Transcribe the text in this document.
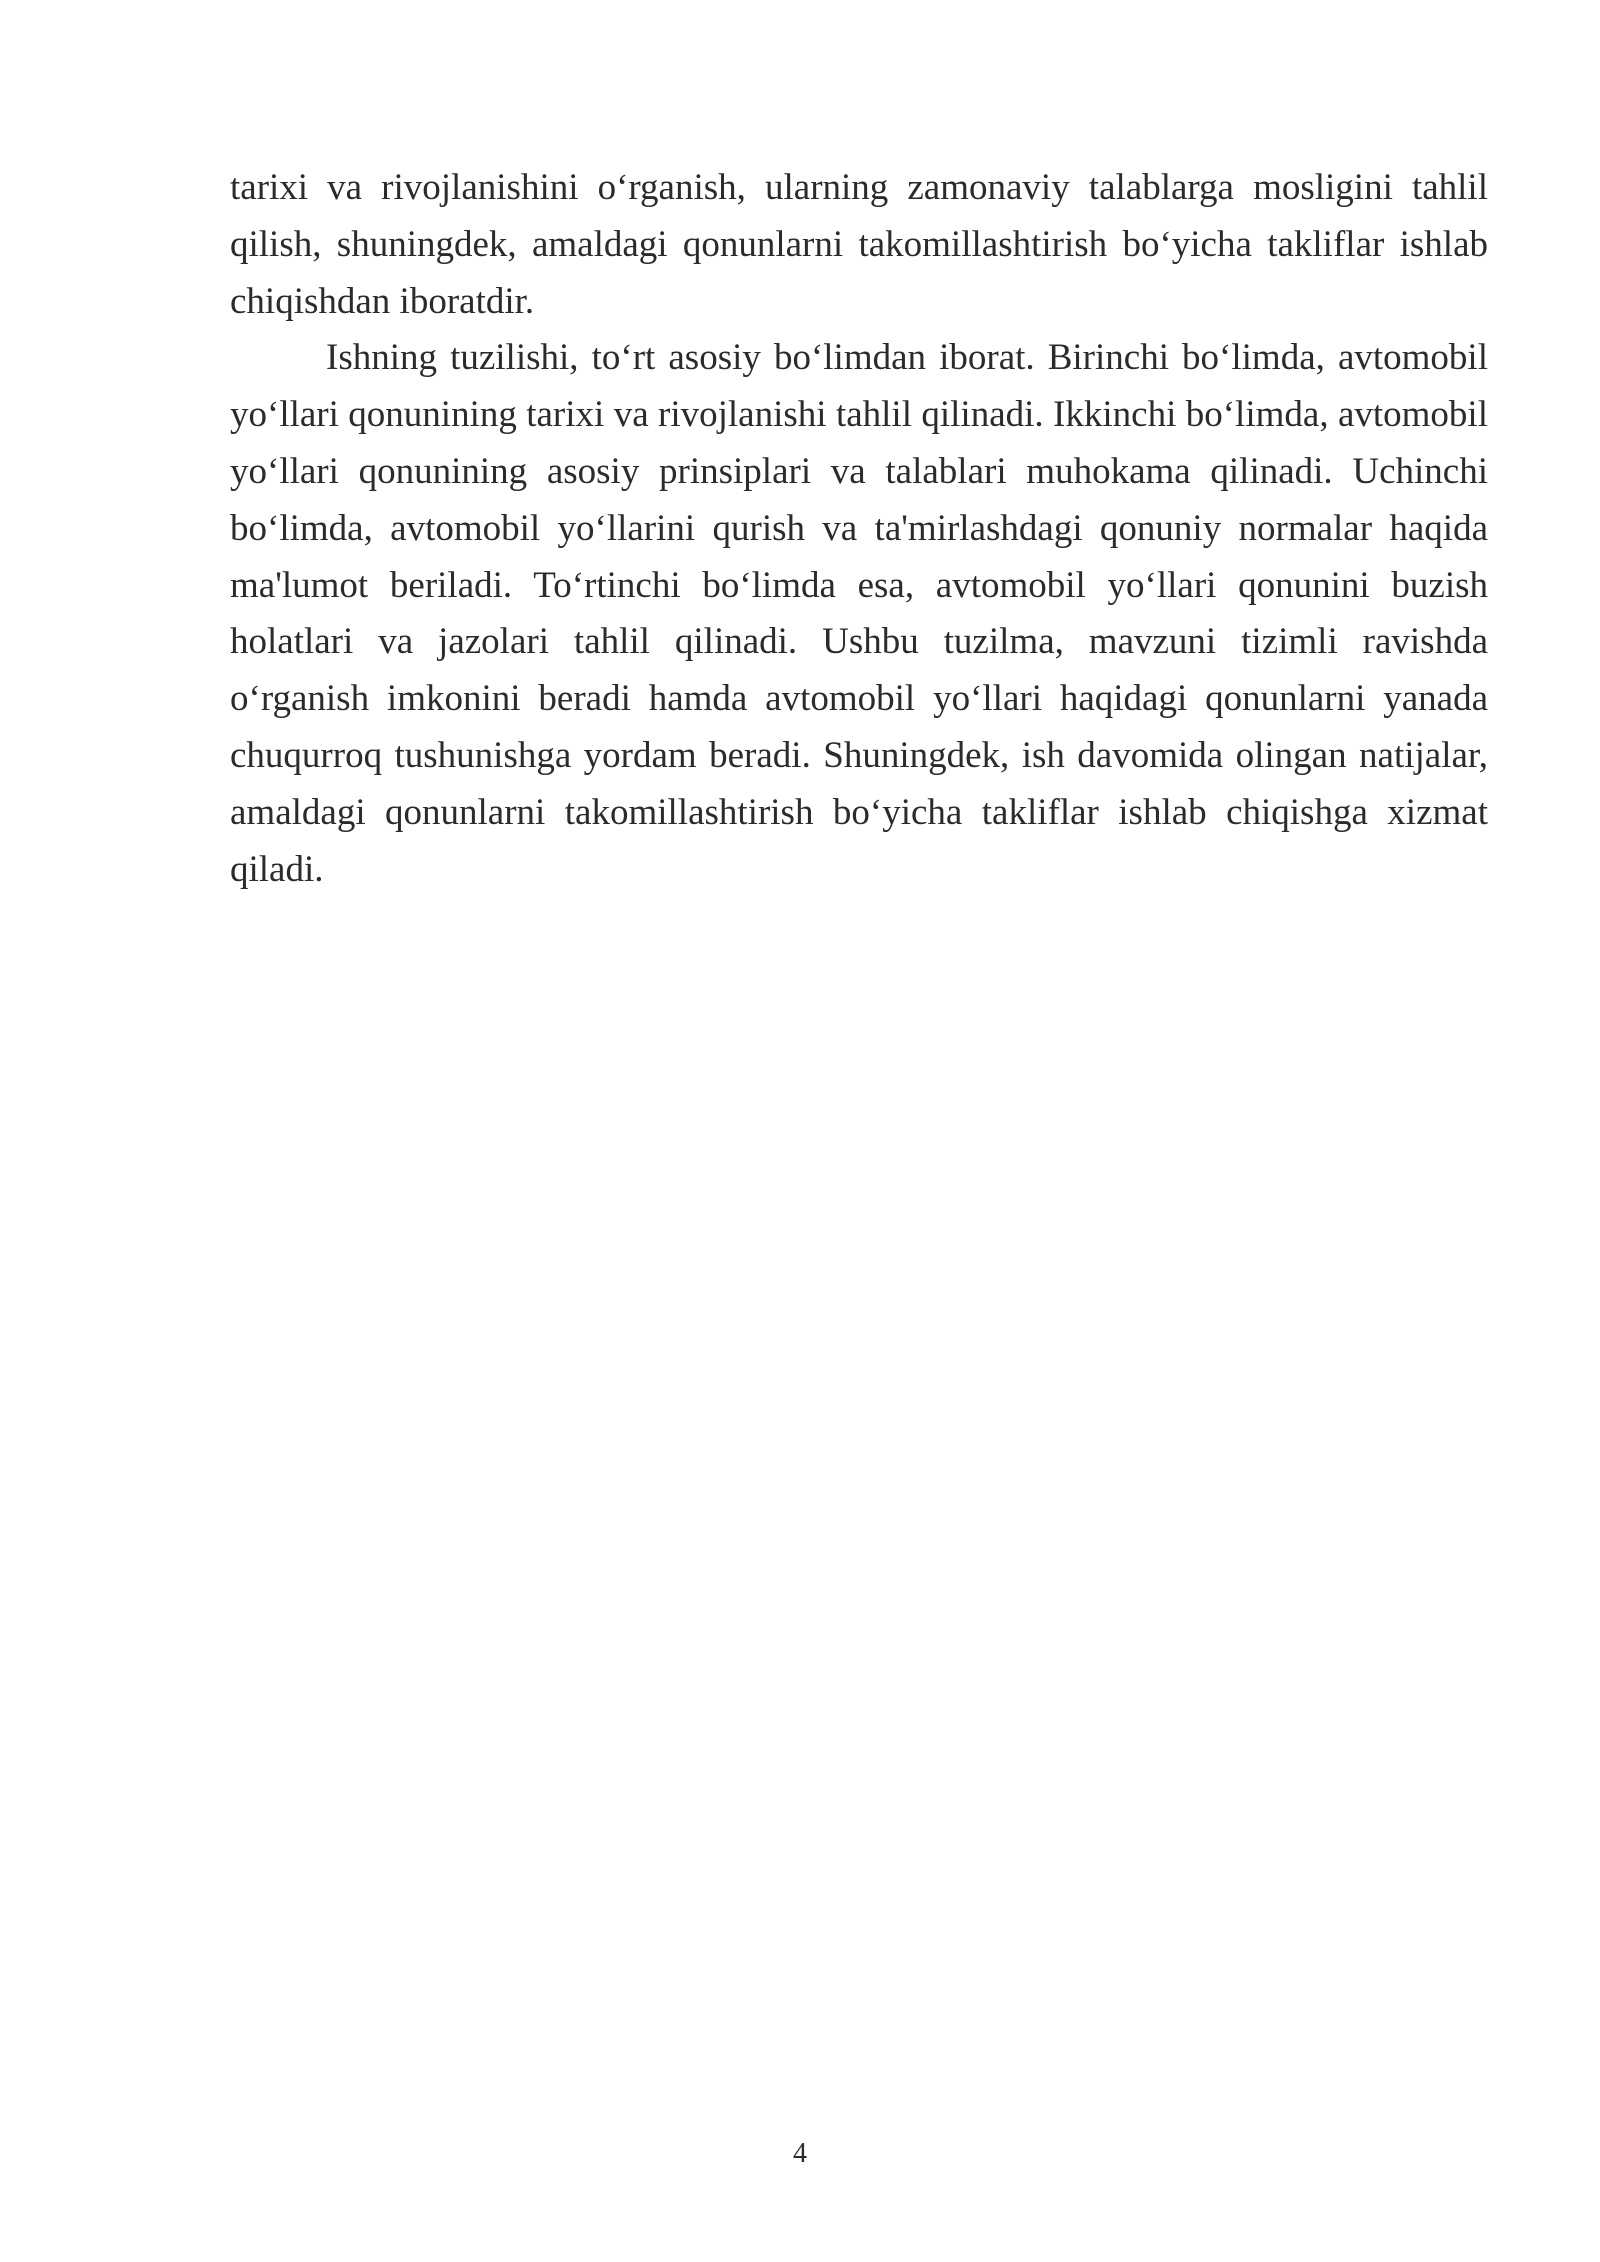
tarixi va rivojlanishini o‘rganish, ularning zamonaviy talablarga mosligini tahlil qilish, shuningdek, amaldagi qonunlarni takomillashtirish bo‘yicha takliflar ishlab chiqishdan iboratdir.

Ishning tuzilishi, to‘rt asosiy bo‘limdan iborat. Birinchi bo‘limda, avtomobil yo‘llari qonunining tarixi va rivojlanishi tahlil qilinadi. Ikkinchi bo‘limda, avtomobil yo‘llari qonunining asosiy prinsiplari va talablari muhokama qilinadi. Uchinchi bo‘limda, avtomobil yo‘llarini qurish va ta'mirlashdagi qonuniy normalar haqida ma'lumot beriladi. To‘rtinchi bo‘limda esa, avtomobil yo‘llari qonunini buzish holatlari va jazolari tahlil qilinadi. Ushbu tuzilma, mavzuni tizimli ravishda o‘rganish imkonini beradi hamda avtomobil yo‘llari haqidagi qonunlarni yanada chuqurroq tushunishga yordam beradi. Shuningdek, ish davomida olingan natijalar, amaldagi qonunlarni takomillashtirish bo‘yicha takliflar ishlab chiqishga xizmat qiladi.

4
